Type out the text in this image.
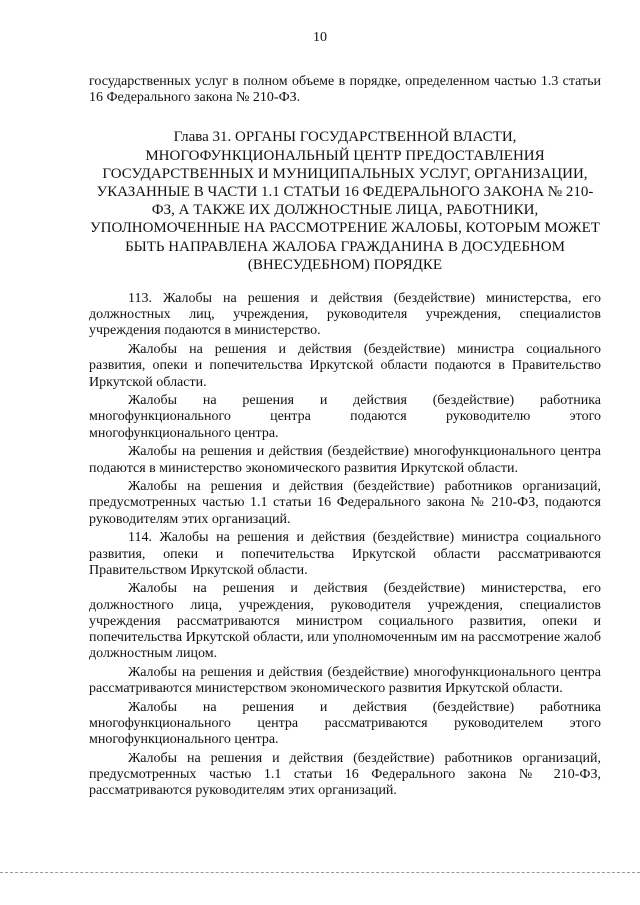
10

государственных услуг в полном объеме в порядке, определенном частью 1.3 статьи 16 Федерального закона № 210-ФЗ.

Глава 31. ОРГАНЫ ГОСУДАРСТВЕННОЙ ВЛАСТИ, МНОГОФУНКЦИОНАЛЬНЫЙ ЦЕНТР ПРЕДОСТАВЛЕНИЯ ГОСУДАРСТВЕННЫХ И МУНИЦИПАЛЬНЫХ УСЛУГ, ОРГАНИЗАЦИИ, УКАЗАННЫЕ В ЧАСТИ 1.1 СТАТЬИ 16 ФЕДЕРАЛЬНОГО ЗАКОНА № 210-ФЗ, А ТАКЖЕ ИХ ДОЛЖНОСТНЫЕ ЛИЦА, РАБОТНИКИ, УПОЛНОМОЧЕННЫЕ НА РАССМОТРЕНИЕ ЖАЛОБЫ, КОТОРЫМ МОЖЕТ БЫТЬ НАПРАВЛЕНА ЖАЛОБА ГРАЖДАНИНА В ДОСУДЕБНОМ (ВНЕСУДЕБНОМ) ПОРЯДКЕ

113. Жалобы на решения и действия (бездействие) министерства, его должностных лиц, учреждения, руководителя учреждения, специалистов учреждения подаются в министерство.

Жалобы на решения и действия (бездействие) министра социального развития, опеки и попечительства Иркутской области подаются в Правительство Иркутской области.

Жалобы на решения и действия (бездействие) работника многофункционального центра подаются руководителю этого многофункционального центра.

Жалобы на решения и действия (бездействие) многофункционального центра подаются в министерство экономического развития Иркутской области.

Жалобы на решения и действия (бездействие) работников организаций, предусмотренных частью 1.1 статьи 16 Федерального закона № 210-ФЗ, подаются руководителям этих организаций.

114. Жалобы на решения и действия (бездействие) министра социального развития, опеки и попечительства Иркутской области рассматриваются Правительством Иркутской области.

Жалобы на решения и действия (бездействие) министерства, его должностного лица, учреждения, руководителя учреждения, специалистов учреждения рассматриваются министром социального развития, опеки и попечительства Иркутской области, или уполномоченным им на рассмотрение жалоб должностным лицом.

Жалобы на решения и действия (бездействие) многофункционального центра рассматриваются министерством экономического развития Иркутской области.

Жалобы на решения и действия (бездействие) работника многофункционального центра рассматриваются руководителем этого многофункционального центра.

Жалобы на решения и действия (бездействие) работников организаций, предусмотренных частью 1.1 статьи 16 Федерального закона № 210-ФЗ, рассматриваются руководителям этих организаций.
